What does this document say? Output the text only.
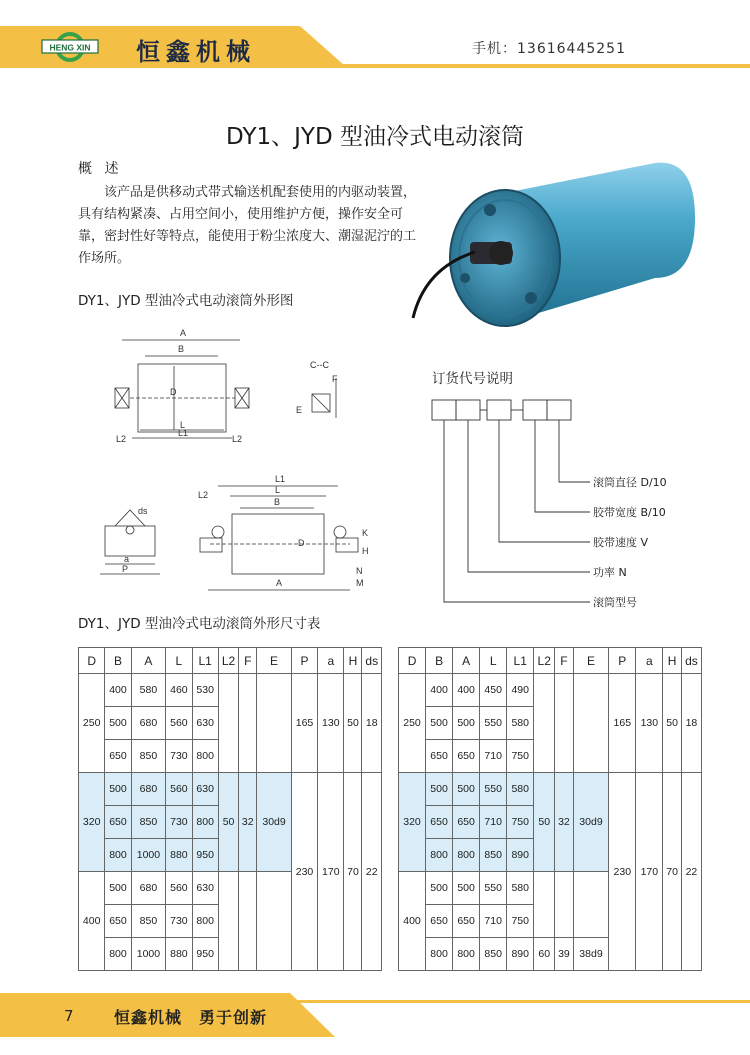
HENG XIN 恒鑫机械	手机：13616445251
DY1、JYD 型油冷式电动滚筒
概 述
该产品是供移动式带式输送机配套使用的内驱动装置，具有结构紧凑、占用空间小，使用维护方便，操作安全可靠，密封性好等特点，能使用于粉尘浓度大、潮湿泥泞的工作场所。
DY1、JYD 型油冷式电动滚筒外形图
A
B
D
L
L1
L2	L2
C--C
F
E
ds
a
P
L1
L
B
L2
D
K
H
N
M
A
订货代号说明
滚筒直径 D/10
胶带宽度 B/10
胶带速度 V
功率 N
滚筒型号
DY1、JYD 型油冷式电动滚筒外形尺寸表
D	B	A	L	L1	L2	F	E	P	a	H	ds
250	400	580	460	530				165	130	50	18
	500	680	560	630							
	650	850	730	800							
320	500	680	560	630	50	32	30d9	230	170	70	22
	650	850	730	800							
	800	1000	880	950							
400	500	680	560	630							
	650	850	730	800							
	800	1000	880	950							
D	B	A	L	L1	L2	F	E	P	a	H	ds
250	400	400	450	490				165	130	50	18
	500	500	550	580							
	650	650	710	750							
320	500	500	550	580	50	32	30d9	230	170	70	22
	650	650	710	750							
	800	800	850	890							
400	500	500	550	580							
	650	650	710	750							
	800	800	850	890	60	39	38d9				
7	恒鑫机械　勇于创新
